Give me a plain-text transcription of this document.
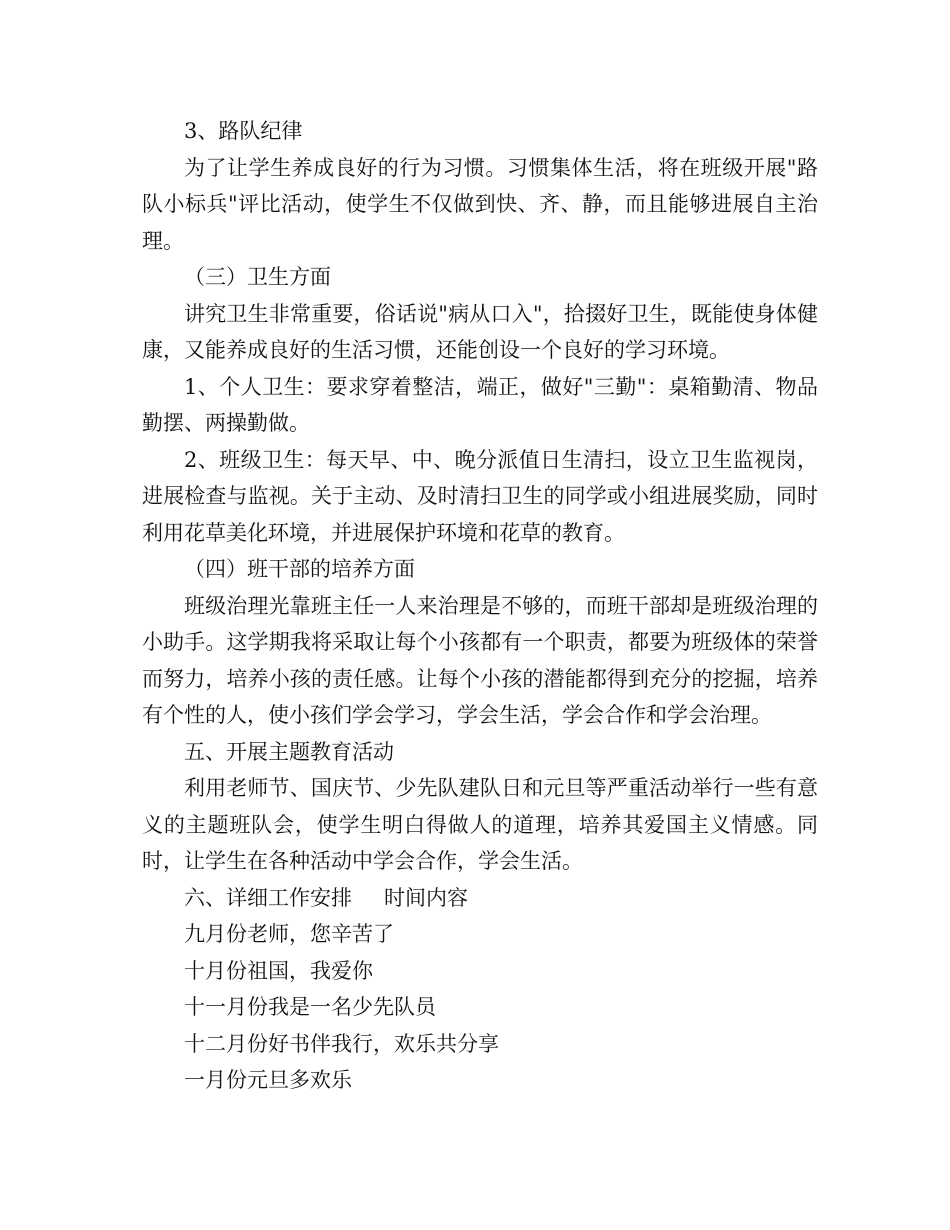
3、路队纪律

为了让学生养成良好的行为习惯。习惯集体生活，将在班级开展"路队小标兵"评比活动，使学生不仅做到快、齐、静，而且能够进展自主治理。

（三）卫生方面

讲究卫生非常重要，俗话说"病从口入"，拾掇好卫生，既能使身体健康，又能养成良好的生活习惯，还能创设一个良好的学习环境。

1、个人卫生：要求穿着整洁，端正，做好"三勤"：桌箱勤清、物品勤摆、两操勤做。

2、班级卫生：每天早、中、晚分派值日生清扫，设立卫生监视岗，进展检查与监视。关于主动、及时清扫卫生的同学或小组进展奖励，同时利用花草美化环境，并进展保护环境和花草的教育。

（四）班干部的培养方面

班级治理光靠班主任一人来治理是不够的，而班干部却是班级治理的小助手。这学期我将采取让每个小孩都有一个职责，都要为班级体的荣誉而努力，培养小孩的责任感。让每个小孩的潜能都得到充分的挖掘，培养有个性的人，使小孩们学会学习，学会生活，学会合作和学会治理。

五、开展主题教育活动

利用老师节、国庆节、少先队建队日和元旦等严重活动举行一些有意义的主题班队会，使学生明白得做人的道理，培养其爱国主义情感。同时，让学生在各种活动中学会合作，学会生活。

六、详细工作安排 时间内容

九月份老师，您辛苦了

十月份祖国，我爱你

十一月份我是一名少先队员

十二月份好书伴我行，欢乐共分享

一月份元旦多欢乐
